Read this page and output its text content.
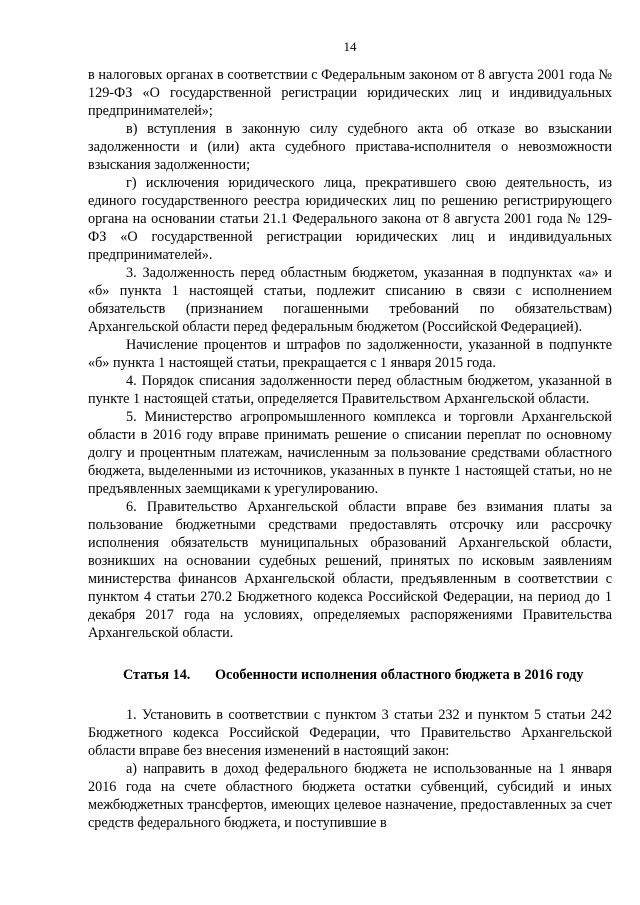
14

в налоговых органах в соответствии с Федеральным законом от 8 августа 2001 года № 129-ФЗ «О государственной регистрации юридических лиц и индивидуальных предпринимателей»;

в) вступления в законную силу судебного акта об отказе во взыскании задолженности и (или) акта судебного пристава-исполнителя о невозможности взыскания задолженности;

г) исключения юридического лица, прекратившего свою деятельность, из единого государственного реестра юридических лиц по решению регистрирующего органа на основании статьи 21.1 Федерального закона от 8 августа 2001 года № 129-ФЗ «О государственной регистрации юридических лиц и индивидуальных предпринимателей».

3. Задолженность перед областным бюджетом, указанная в подпунктах «а» и «б» пункта 1 настоящей статьи, подлежит списанию в связи с исполнением обязательств (признанием погашенными требований по обязательствам) Архангельской области перед федеральным бюджетом (Российской Федерацией).

Начисление процентов и штрафов по задолженности, указанной в подпункте «б» пункта 1 настоящей статьи, прекращается с 1 января 2015 года.

4. Порядок списания задолженности перед областным бюджетом, указанной в пункте 1 настоящей статьи, определяется Правительством Архангельской области.

5. Министерство агропромышленного комплекса и торговли Архангельской области в 2016 году вправе принимать решение о списании переплат по основному долгу и процентным платежам, начисленным за пользование средствами областного бюджета, выделенными из источников, указанных в пункте 1 настоящей статьи, но не предъявленных заемщиками к урегулированию.

6. Правительство Архангельской области вправе без взимания платы за пользование бюджетными средствами предоставлять отсрочку или рассрочку исполнения обязательств муниципальных образований Архангельской области, возникших на основании судебных решений, принятых по исковым заявлениям министерства финансов Архангельской области, предъявленным в соответствии с пунктом 4 статьи 270.2 Бюджетного кодекса Российской Федерации, на период до 1 декабря 2017 года на условиях, определяемых распоряжениями Правительства Архангельской области.

Статья 14.	Особенности исполнения областного бюджета в 2016 году

1. Установить в соответствии с пунктом 3 статьи 232 и пунктом 5 статьи 242 Бюджетного кодекса Российской Федерации, что Правительство Архангельской области вправе без внесения изменений в настоящий закон:

а) направить в доход федерального бюджета не использованные на 1 января 2016 года на счете областного бюджета остатки субвенций, субсидий и иных межбюджетных трансфертов, имеющих целевое назначение, предоставленных за счет средств федерального бюджета, и поступившие в
